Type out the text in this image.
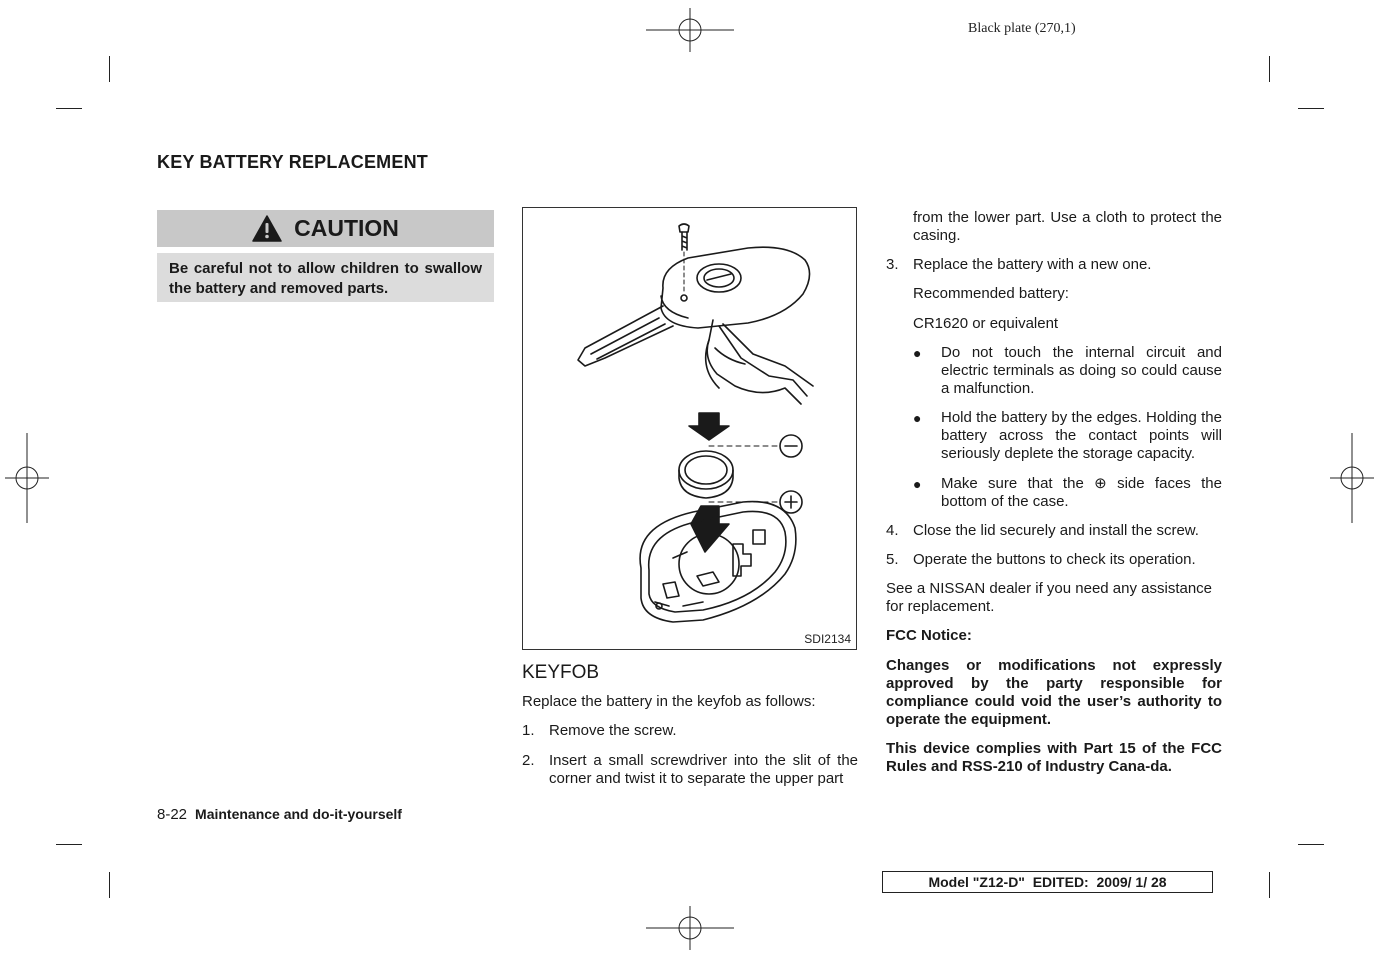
Black plate (270,1)
KEY BATTERY REPLACEMENT
CAUTION
Be careful not to allow children to swallow the battery and removed parts.
SDI2134
KEYFOB
Replace the battery in the keyfob as follows:
1. Remove the screw.
2. Insert a small screwdriver into the slit of the corner and twist it to separate the upper part
from the lower part. Use a cloth to protect the casing.
3. Replace the battery with a new one.
Recommended battery:
CR1620 or equivalent
● Do not touch the internal circuit and electric terminals as doing so could cause a malfunction.
● Hold the battery by the edges. Holding the battery across the contact points will seriously deplete the storage capacity.
● Make sure that the ⊕ side faces the bottom of the case.
4. Close the lid securely and install the screw.
5. Operate the buttons to check its operation.
See a NISSAN dealer if you need any assistance for replacement.
FCC Notice:
Changes or modifications not expressly approved by the party responsible for compliance could void the user’s authority to operate the equipment.
This device complies with Part 15 of the FCC Rules and RSS-210 of Industry Cana-da.
8-22 Maintenance and do-it-yourself
Model "Z12-D"  EDITED:  2009/ 1/ 28
